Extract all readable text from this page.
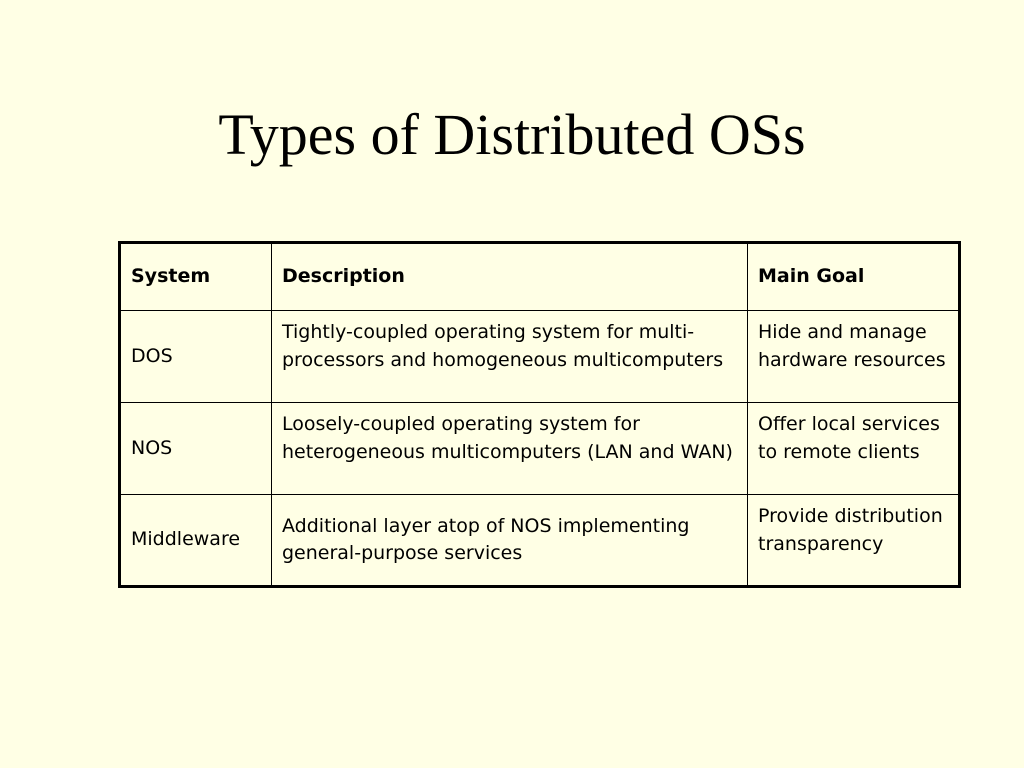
Types of Distributed OSs
System	Description	Main Goal
DOS	Tightly-coupled operating system for multi-processors and homogeneous multicomputers	Hide and manage hardware resources
NOS	Loosely-coupled operating system for heterogeneous multicomputers (LAN and WAN)	Offer local services to remote clients
Middleware	Additional layer atop of NOS implementing general-purpose services	Provide distribution transparency
